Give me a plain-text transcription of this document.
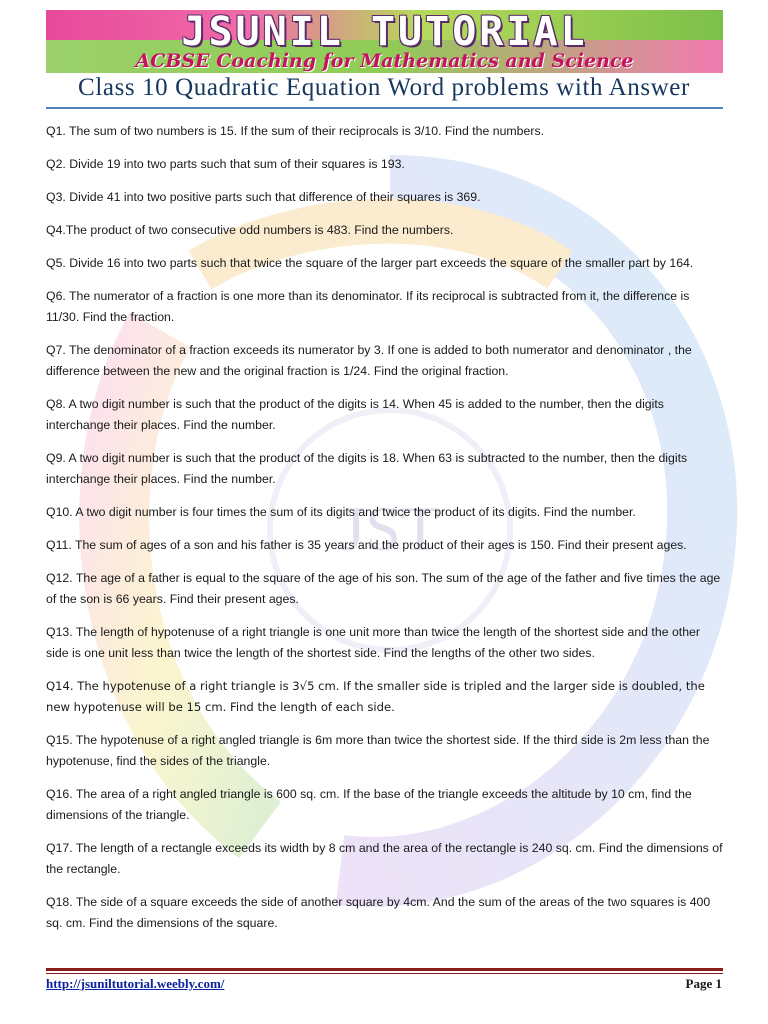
JST
JSUNIL TUTORIAL
ACBSE Coaching for Mathematics and Science
Class 10 Quadratic Equation Word problems with Answer

Q1. The sum of two numbers is 15. If the sum of their reciprocals is 3/10. Find the numbers.

Q2. Divide 19 into two parts such that sum of their squares is 193.

Q3. Divide 41 into two positive parts such that difference of their squares is 369.

Q4.The product of two consecutive odd numbers is 483. Find the numbers.

Q5. Divide 16 into two parts such that twice the square of the larger part exceeds the square of the smaller part by 164.

Q6. The numerator of a fraction is one more than its denominator. If its reciprocal is subtracted from it, the difference is 11/30. Find the fraction.

Q7. The denominator of a fraction exceeds its numerator by 3. If one is added to both numerator and denominator , the difference between the new and the original fraction is 1/24. Find the original fraction.

Q8. A two digit number is such that the product of the digits is 14. When 45 is added to the number, then the digits interchange their places. Find the number.

Q9. A two digit number is such that the product of the digits is 18. When 63 is subtracted to the number, then the digits interchange their places. Find the number.

Q10. A two digit number is four times the sum of its digits and twice the product of its digits. Find the number.

Q11. The sum of ages of a son and his father is 35 years and the product of their ages is 150. Find their present ages.

Q12. The age of a father is equal to the square of the age of his son. The sum of the age of the father and five times the age of the son is 66 years. Find their present ages.

Q13. The length of hypotenuse of a right triangle is one unit more than twice the length of the shortest side and the other side is one unit less than twice the length of the shortest side. Find the lengths of the other two sides.

Q14. The hypotenuse of a right triangle is 3√5 cm. If the smaller side is tripled and the larger side is doubled, the new hypotenuse will be 15 cm. Find the length of each side.

Q15. The hypotenuse of a right angled triangle is 6m more than twice the shortest side. If the third side is 2m less than the hypotenuse, find the sides of the triangle.

Q16. The area of a right angled triangle is 600 sq. cm. If the base of the triangle exceeds the altitude by 10 cm, find the dimensions of the triangle.

Q17. The length of a rectangle exceeds its width by 8 cm and the area of the rectangle is 240 sq. cm. Find the dimensions of the rectangle.

Q18. The side of a square exceeds the side of another square by 4cm. And the sum of the areas of the two squares is 400 sq. cm. Find the dimensions of the square.

http://jsuniltutorial.weebly.com/	Page 1
